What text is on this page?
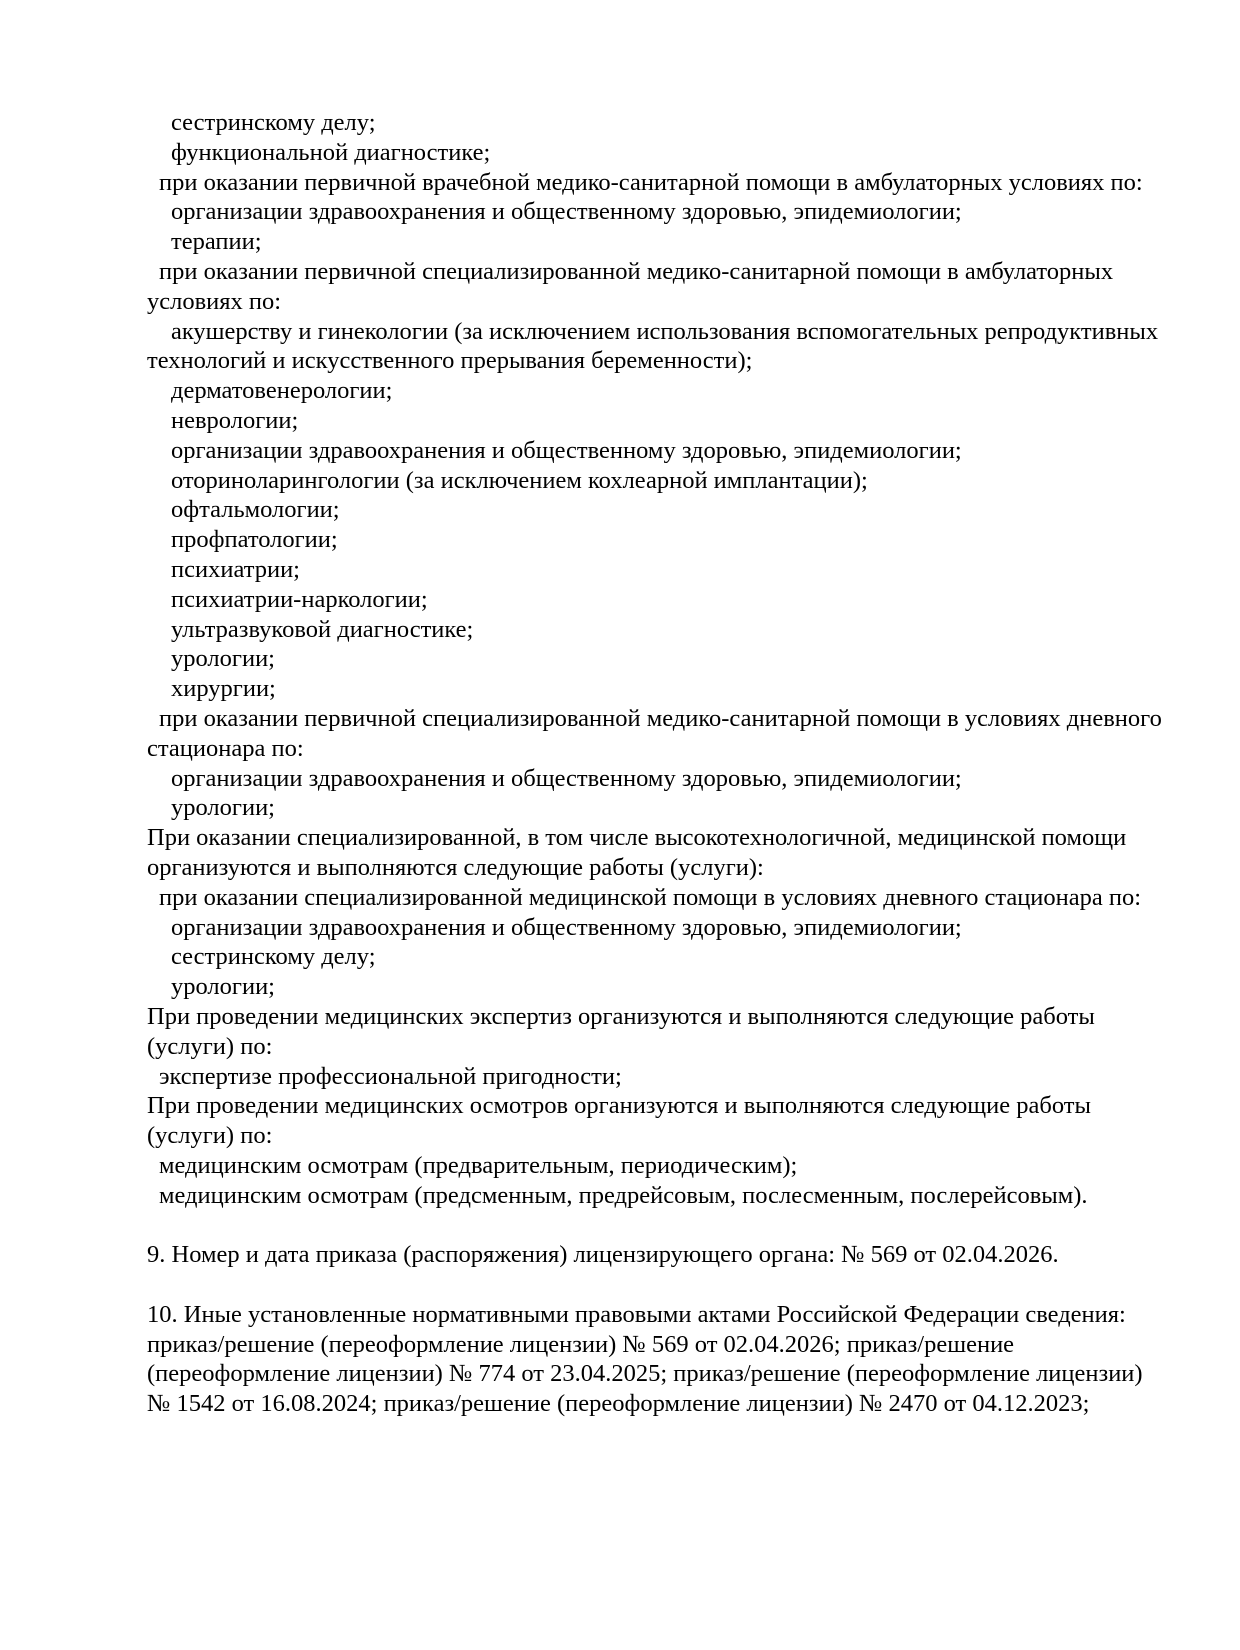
сестринскому делу;
функциональной диагностике;
при оказании первичной врачебной медико-санитарной помощи в амбулаторных условиях по:
организации здравоохранения и общественному здоровью, эпидемиологии;
терапии;
при оказании первичной специализированной медико-санитарной помощи в амбулаторных
условиях по:
акушерству и гинекологии (за исключением использования вспомогательных репродуктивных
технологий и искусственного прерывания беременности);
дерматовенерологии;
неврологии;
организации здравоохранения и общественному здоровью, эпидемиологии;
оториноларингологии (за исключением кохлеарной имплантации);
офтальмологии;
профпатологии;
психиатрии;
психиатрии-наркологии;
ультразвуковой диагностике;
урологии;
хирургии;
при оказании первичной специализированной медико-санитарной помощи в условиях дневного
стационара по:
организации здравоохранения и общественному здоровью, эпидемиологии;
урологии;
При оказании специализированной, в том числе высокотехнологичной, медицинской помощи
организуются и выполняются следующие работы (услуги):
при оказании специализированной медицинской помощи в условиях дневного стационара по:
организации здравоохранения и общественному здоровью, эпидемиологии;
сестринскому делу;
урологии;
При проведении медицинских экспертиз организуются и выполняются следующие работы
(услуги) по:
экспертизе профессиональной пригодности;
При проведении медицинских осмотров организуются и выполняются следующие работы
(услуги) по:
медицинским осмотрам (предварительным, периодическим);
медицинским осмотрам (предсменным, предрейсовым, послесменным, послерейсовым).

9. Номер и дата приказа (распоряжения) лицензирующего органа: № 569 от 02.04.2026.

10. Иные установленные нормативными правовыми актами Российской Федерации сведения:
приказ/решение (переоформление лицензии) № 569 от 02.04.2026; приказ/решение
(переоформление лицензии) № 774 от 23.04.2025; приказ/решение (переоформление лицензии)
№ 1542 от 16.08.2024; приказ/решение (переоформление лицензии) № 2470 от 04.12.2023;
